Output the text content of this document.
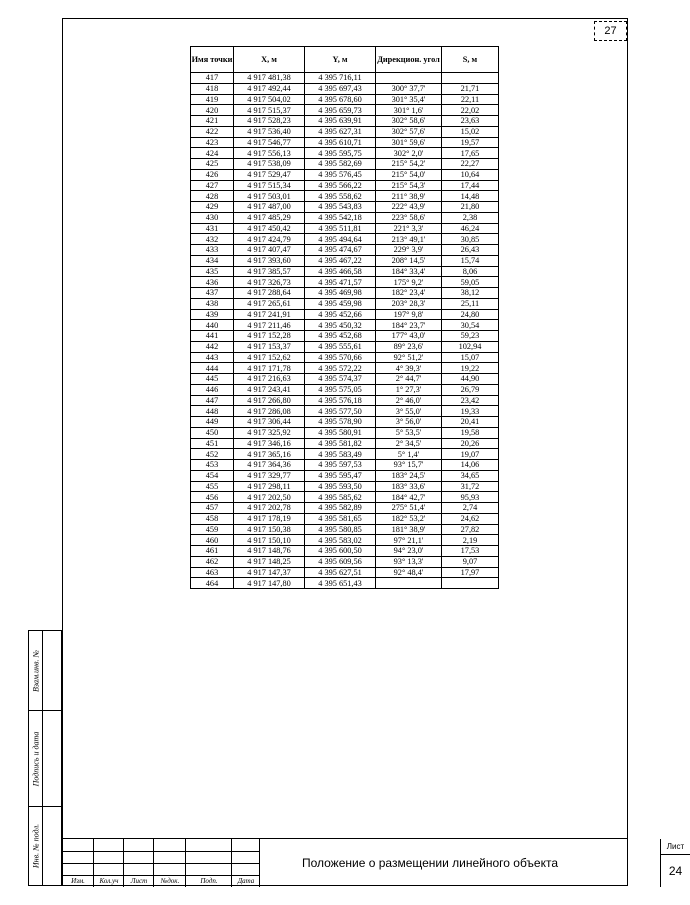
27
Взам.инв. №
Подпись и дата
Инв. № подл.
Имя точки	X, м	Y, м	Дирекцион. угол	S, м
417	4 917 481,38	4 395 716,11		
418	4 917 492,44	4 395 697,43	300° 37,7'	21,71
419	4 917 504,02	4 395 678,60	301° 35,4'	22,11
420	4 917 515,37	4 395 659,73	301° 1,6'	22,02
421	4 917 528,23	4 395 639,91	302° 58,6'	23,63
422	4 917 536,40	4 395 627,31	302° 57,6'	15,02
423	4 917 546,77	4 395 610,71	301° 59,6'	19,57
424	4 917 556,13	4 395 595,75	302° 2,0'	17,65
425	4 917 538,09	4 395 582,69	215° 54,2'	22,27
426	4 917 529,47	4 395 576,45	215° 54,0'	10,64
427	4 917 515,34	4 395 566,22	215° 54,3'	17,44
428	4 917 503,01	4 395 558,62	211° 38,9'	14,48
429	4 917 487,00	4 395 543,83	222° 43,9'	21,80
430	4 917 485,29	4 395 542,18	223° 58,6'	2,38
431	4 917 450,42	4 395 511,81	221° 3,3'	46,24
432	4 917 424,79	4 395 494,64	213° 49,1'	30,85
433	4 917 407,47	4 395 474,67	229° 3,9'	26,43
434	4 917 393,60	4 395 467,22	208° 14,5'	15,74
435	4 917 385,57	4 395 466,58	184° 33,4'	8,06
436	4 917 326,73	4 395 471,57	175° 9,2'	59,05
437	4 917 288,64	4 395 469,98	182° 23,4'	38,12
438	4 917 265,61	4 395 459,98	203° 28,3'	25,11
439	4 917 241,91	4 395 452,66	197° 9,8'	24,80
440	4 917 211,46	4 395 450,32	184° 23,7'	30,54
441	4 917 152,28	4 395 452,68	177° 43,0'	59,23
442	4 917 153,37	4 395 555,61	89° 23,6'	102,94
443	4 917 152,62	4 395 570,66	92° 51,2'	15,07
444	4 917 171,78	4 395 572,22	4° 39,3'	19,22
445	4 917 216,63	4 395 574,37	2° 44,7'	44,90
446	4 917 243,41	4 395 575,05	1° 27,3'	26,79
447	4 917 266,80	4 395 576,18	2° 46,0'	23,42
448	4 917 286,08	4 395 577,50	3° 55,0'	19,33
449	4 917 306,44	4 395 578,90	3° 56,0'	20,41
450	4 917 325,92	4 395 580,91	5° 53,5'	19,58
451	4 917 346,16	4 395 581,82	2° 34,5'	20,26
452	4 917 365,16	4 395 583,49	5° 1,4'	19,07
453	4 917 364,36	4 395 597,53	93° 15,7'	14,06
454	4 917 329,77	4 395 595,47	183° 24,5'	34,65
455	4 917 298,11	4 395 593,50	183° 33,6'	31,72
456	4 917 202,50	4 395 585,62	184° 42,7'	95,93
457	4 917 202,78	4 395 582,89	275° 51,4'	2,74
458	4 917 178,19	4 395 581,65	182° 53,2'	24,62
459	4 917 150,38	4 395 580,85	181° 38,9'	27,82
460	4 917 150,10	4 395 583,02	97° 21,1'	2,19
461	4 917 148,76	4 395 600,50	94° 23,0'	17,53
462	4 917 148,25	4 395 609,56	93° 13,3'	9,07
463	4 917 147,37	4 395 627,51	92° 48,4'	17,97
464	4 917 147,80	4 395 651,43		
Изм.	Кол.уч	Лист	№док.	Подп.	Дата
Положение о размещении линейного объекта
Лист
24
